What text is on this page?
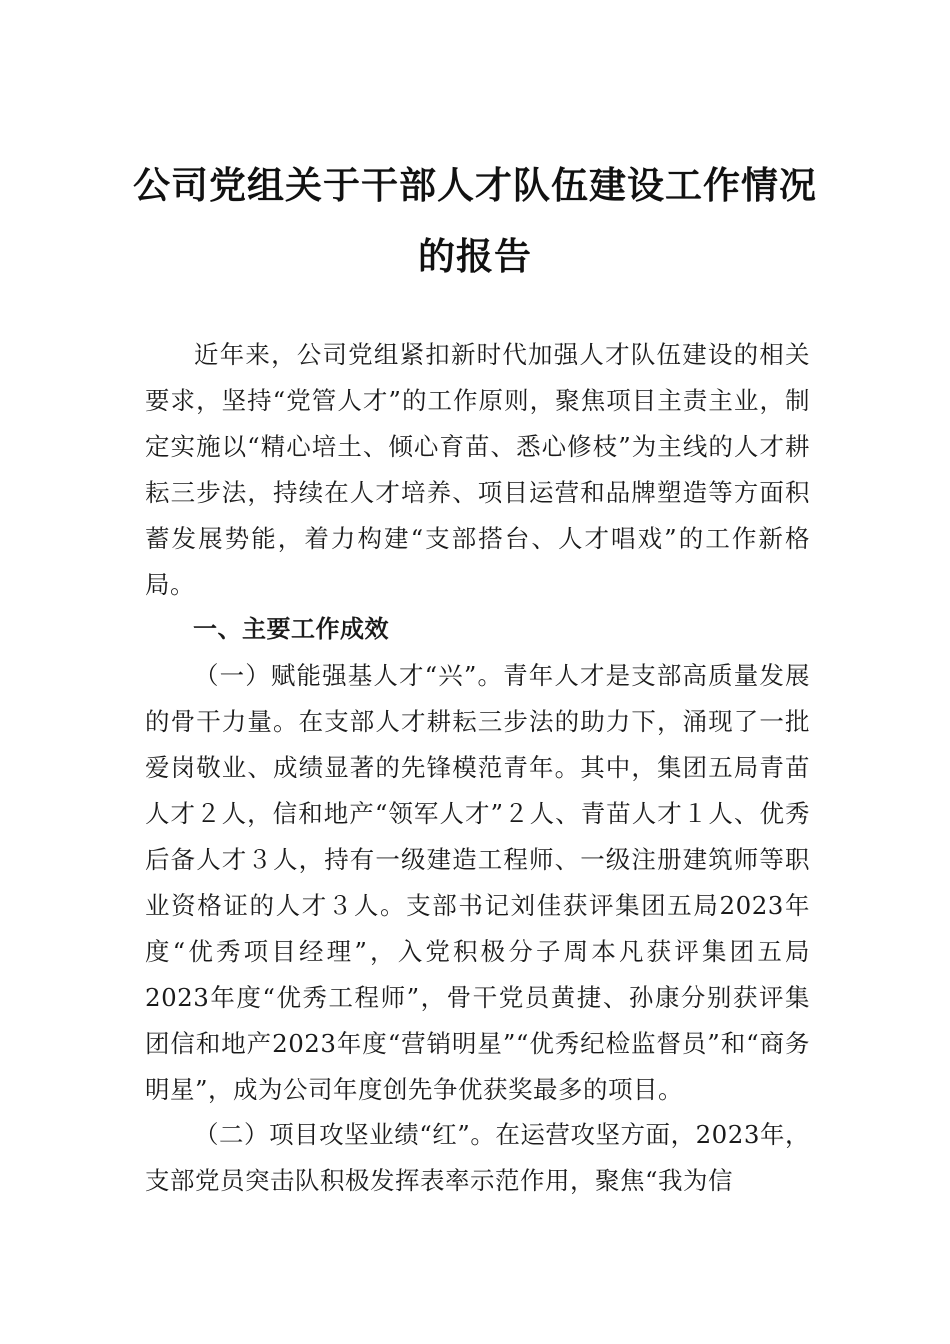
公司党组关于干部人才队伍建设工作情况
的报告

近年来，公司党组紧扣新时代加强人才队伍建设的相关要求，坚持“党管人才”的工作原则，聚焦项目主责主业，制定实施以“精心培土、倾心育苗、悉心修枝”为主线的人才耕耘三步法，持续在人才培养、项目运营和品牌塑造等方面积蓄发展势能，着力构建“支部搭台、人才唱戏”的工作新格局。

一、主要工作成效

（一）赋能强基人才“兴”。青年人才是支部高质量发展的骨干力量。在支部人才耕耘三步法的助力下，涌现了一批爱岗敬业、成绩显著的先锋模范青年。其中，集团五局青苗人才２人，信和地产“领军人才”２人、青苗人才１人、优秀后备人才３人，持有一级建造工程师、一级注册建筑师等职业资格证的人才３人。支部书记刘佳获评集团五局2023年度“优秀项目经理”，入党积极分子周本凡获评集团五局2023年度“优秀工程师”，骨干党员黄捷、孙康分别获评集团信和地产2023年度“营销明星”“优秀纪检监督员”和“商务明星”，成为公司年度创先争优获奖最多的项目。

（二）项目攻坚业绩“红”。在运营攻坚方面，2023年，支部党员突击队积极发挥表率示范作用，聚焦“我为信
